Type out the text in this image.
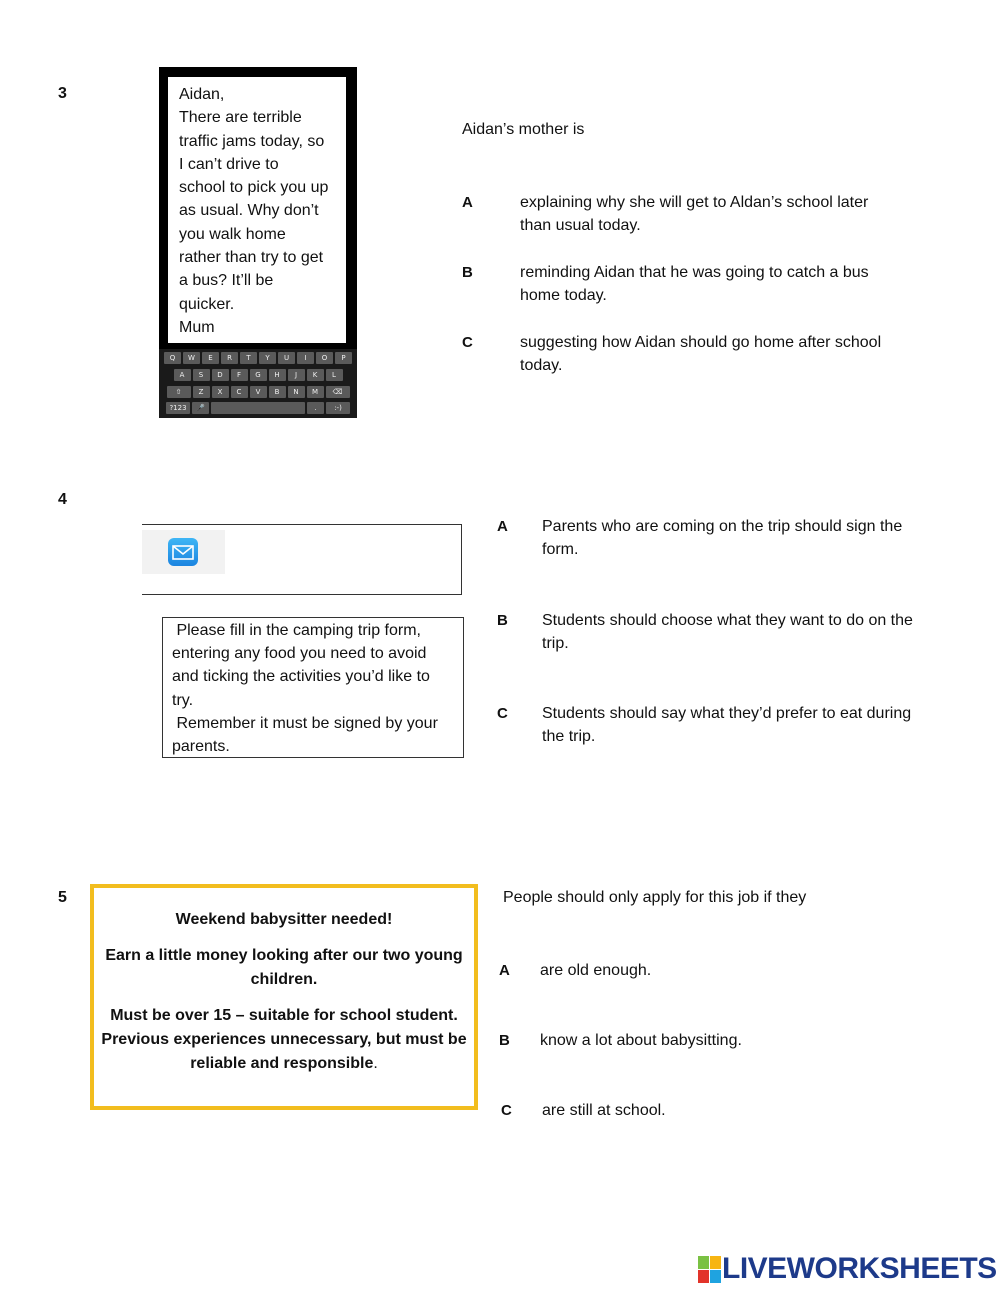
3	Aidan,
There are terrible
traffic jams today, so
I can’t drive to
school to pick you up
as usual. Why don’t
you walk home
rather than try to get
a bus? It’ll be
quicker.
Mum
Q	W	E	R	T	Y	U	I	O	P
A	S	D	F	G	H	J	K	L
⇧	Z	X	C	V	B	N	M	⌫
?123	🎤	.	:-)
Aidan’s mother is
A	explaining why she will get to Aldan’s school later
than usual today.
B	reminding Aidan that he was going to catch a bus
home today.
C	suggesting how Aidan should go home after school
today.
4
Please fill in the camping trip form,
entering any food you need to avoid
and ticking the activities you’d like to
try.
Remember it must be signed by your
parents.
A Parents who are coming on the trip should sign the
form.
B Students should choose what they want to do on the
trip.
C Students should say what they’d prefer to eat during
the trip.
5

Weekend babysitter needed!

Earn a little money looking after our two young

children.

Must be over 15 – suitable for school student.

Previous experiences unnecessary, but must be

reliable and responsible.

People should only apply for this job if they
A are old enough.
B know a lot about babysitting.
C are still at school.
LIVEWORKSHEETS
